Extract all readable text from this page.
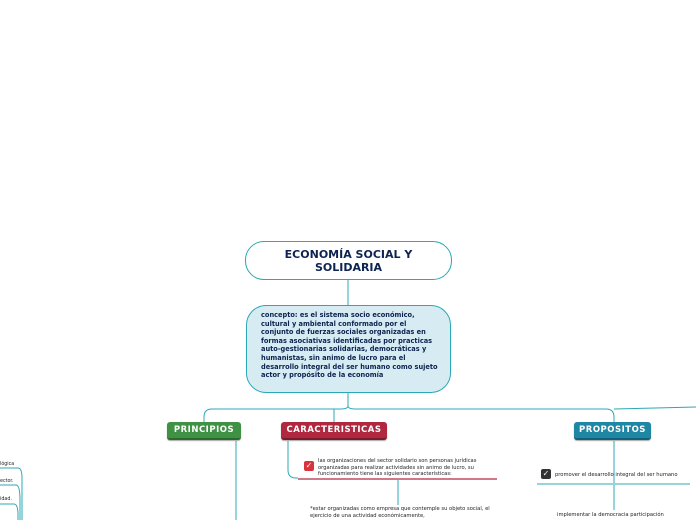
ECONOMÍA SOCIAL Y SOLIDARIA
concepto: es el sistema socio económico, cultural y ambiental conformado por el conjunto de fuerzas sociales organizadas en formas asociativas identificadas por practicas auto-gestionarias solidarias, democráticas y humanistas, sin animo de lucro para el desarrollo integral del ser humano como sujeto actor y propósito de la economía
PRINCIPIOS	CARACTERISTICAS	PROPOSITOS
lógica
ector.
idad.
✓	las organizaciones del sector solidario son personas jurídicas organizadas para realizar actividades sin animo de lucro, su funcionamiento tiene las siguientes características:
*estar organizadas como empresa que contemple su objeto social, el ejercicio de una actividad económicamente,
✓	promover el desarrollo integral del ser humano
implementar la democracia participación
